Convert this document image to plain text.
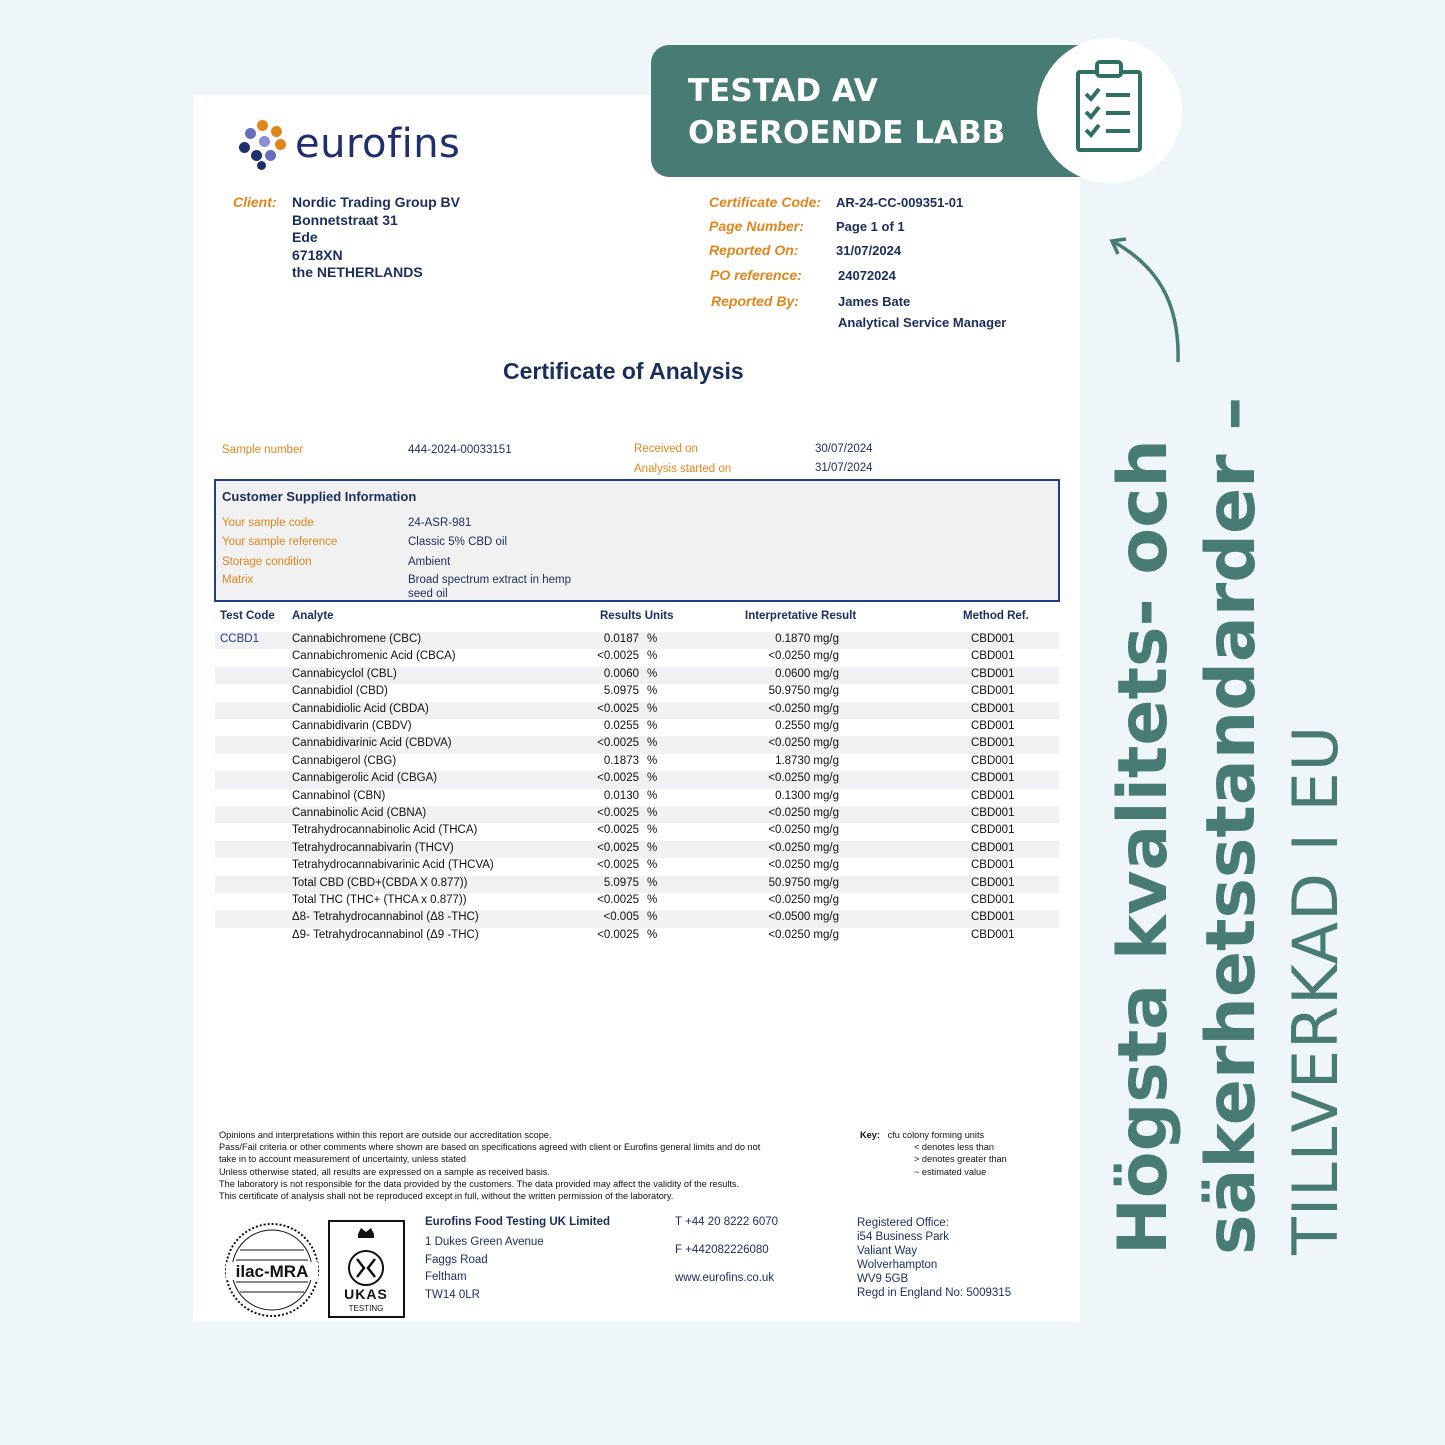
eurofins
TESTAD AV
OBEROENDE LABB
Högsta kvalitets- och säkerhetsstandarder – TILLVERKAD I EU
Client: Nordic Trading Group BV
Bonnetstraat 31
Ede
6718XN
the NETHERLANDS
Certificate Code: AR-24-CC-009351-01
Page Number: Page 1 of 1
Reported On:	31/07/2024
PO reference:	24072024
Reported By:	James Bate
Analytical Service Manager
Certificate of Analysis
Sample number	444-2024-00033151	Received on	30/07/2024
Analysis started on	31/07/2024
Customer Supplied Information
Your sample code	24-ASR-981
Your sample reference	Classic 5% CBD oil
Storage condition	Ambient
Matrix	Broad spectrum extract in hemp
seed oil
Test Code Analyte	Results Units	Interpretative Result	Method Ref.
CCBD1	Cannabichromene (CBC)	0.0187 %	0.1870 mg/g	CBD001
Cannabichromenic Acid (CBCA)	<0.0025 %	<0.0250 mg/g	CBD001
Cannabicyclol (CBL)	0.0060 %	0.0600 mg/g	CBD001
Cannabidiol (CBD)	5.0975 %	50.9750 mg/g	CBD001
Cannabidiolic Acid (CBDA)	<0.0025 %	<0.0250 mg/g	CBD001
Cannabidivarin (CBDV)	0.0255 %	0.2550 mg/g	CBD001
Cannabidivarinic Acid (CBDVA)	<0.0025 %	<0.0250 mg/g	CBD001
Cannabigerol (CBG)	0.1873 %	1.8730 mg/g	CBD001
Cannabigerolic Acid (CBGA)	<0.0025 %	<0.0250 mg/g	CBD001
Cannabinol (CBN)	0.0130 %	0.1300 mg/g	CBD001
Cannabinolic Acid (CBNA)	<0.0025 %	<0.0250 mg/g	CBD001
Tetrahydrocannabinolic Acid (THCA)	<0.0025 %	<0.0250 mg/g	CBD001
Tetrahydrocannabivarin (THCV)	<0.0025 %	<0.0250 mg/g	CBD001
Tetrahydrocannabivarinic Acid (THCVA)	<0.0025 %	<0.0250 mg/g	CBD001
Total CBD (CBD+(CBDA X 0.877))	5.0975 %	50.9750 mg/g	CBD001
Total THC (THC+ (THCA x 0.877))	<0.0025 %	<0.0250 mg/g	CBD001
Δ8- Tetrahydrocannabinol (Δ8 -THC)	<0.005 %	<0.0500 mg/g	CBD001
Δ9- Tetrahydrocannabinol (Δ9 -THC)	<0.0025 %	<0.0250 mg/g	CBD001
Opinions and interpretations within this report are outside our accreditation scope.
Pass/Fail criteria or other comments where shown are based on specifications agreed with client or Eurofins general limits and do not
take in to account measurement of uncertainty, unless stated
Unless otherwise stated, all results are expressed on a sample as received basis.
The laboratory is not responsible for the data provided by the customers. The data provided may affect the validity of the results.
This certificate of analysis shall not be reproduced except in full, without the written permission of the laboratory.
Key: cfu colony forming units
< denotes less than
> denotes greater than
~ estimated value
ilac-MRA
UKAS
TESTING
Eurofins Food Testing UK Limited
1 Dukes Green Avenue
Faggs Road
Feltham
TW14 0LR
T +44 20 8222 6070
F +442082226080
www.eurofins.co.uk
Registered Office:
i54 Business Park
Valiant Way
Wolverhampton
WV9 5GB
Regd in England No: 5009315
